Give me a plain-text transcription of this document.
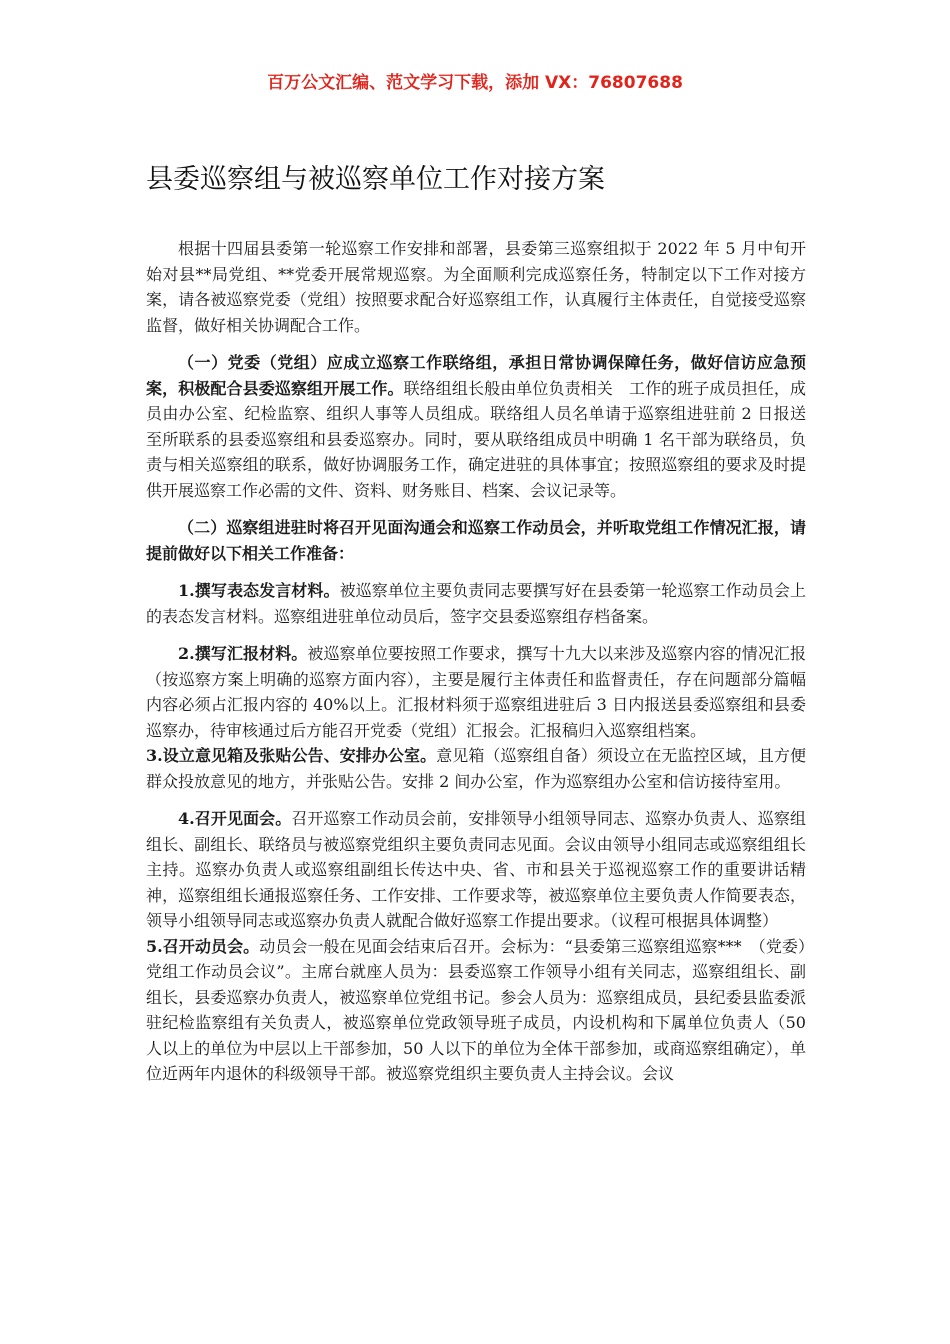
百万公文汇编、范文学习下载，添加 VX：76807688
县委巡察组与被巡察单位工作对接方案

根据十四届县委第一轮巡察工作安排和部署，县委第三巡察组拟于 2022 年 5 月中旬开始对县**局党组、**党委开展常规巡察。为全面顺利完成巡察任务，特制定以下工作对接方案，请各被巡察党委（党组）按照要求配合好巡察组工作，认真履行主体责任，自觉接受巡察监督，做好相关协调配合工作。

（一）党委（党组）应成立巡察工作联络组，承担日常协调保障任务，做好信访应急预案，积极配合县委巡察组开展工作。联络组组长般由单位负责相关　工作的班子成员担任，成员由办公室、纪检监察、组织人事等人员组成。联络组人员名单请于巡察组进驻前 2 日报送至所联系的县委巡察组和县委巡察办。同时，要从联络组成员中明确 1 名干部为联络员，负责与相关巡察组的联系，做好协调服务工作，确定进驻的具体事宜；按照巡察组的要求及时提供开展巡察工作必需的文件、资料、财务账目、档案、会议记录等。

（二）巡察组进驻时将召开见面沟通会和巡察工作动员会，并听取党组工作情况汇报，请提前做好以下相关工作准备：

1.撰写表态发言材料。被巡察单位主要负责同志要撰写好在县委第一轮巡察工作动员会上的表态发言材料。巡察组进驻单位动员后，签字交县委巡察组存档备案。

2.撰写汇报材料。被巡察单位要按照工作要求，撰写十九大以来涉及巡察内容的情况汇报（按巡察方案上明确的巡察方面内容），主要是履行主体责任和监督责任，存在问题部分篇幅内容必须占汇报内容的 40%以上。汇报材料须于巡察组进驻后 3 日内报送县委巡察组和县委巡察办，待审核通过后方能召开党委（党组）汇报会。汇报稿归入巡察组档案。

3.设立意见箱及张贴公告、安排办公室。意见箱（巡察组自备）须设立在无监控区域，且方便群众投放意见的地方，并张贴公告。安排 2 间办公室，作为巡察组办公室和信访接待室用。

4.召开见面会。召开巡察工作动员会前，安排领导小组领导同志、巡察办负责人、巡察组组长、副组长、联络员与被巡察党组织主要负责同志见面。会议由领导小组同志或巡察组组长主持。巡察办负责人或巡察组副组长传达中央、省、市和县关于巡视巡察工作的重要讲话精神，巡察组组长通报巡察任务、工作安排、工作要求等，被巡察单位主要负责人作简要表态，领导小组领导同志或巡察办负责人就配合做好巡察工作提出要求。（议程可根据具体调整）

5.召开动员会。动员会一般在见面会结束后召开。会标为：“县委第三巡察组巡察***　（党委）党组工作动员会议”。主席台就座人员为：县委巡察工作领导小组有关同志，巡察组组长、副组长，县委巡察办负责人，被巡察单位党组书记。参会人员为：巡察组成员，县纪委县监委派驻纪检监察组有关负责人，被巡察单位党政领导班子成员，内设机构和下属单位负责人（50 人以上的单位为中层以上干部参加，50 人以下的单位为全体干部参加，或商巡察组确定），单位近两年内退休的科级领导干部。被巡察党组织主要负责人主持会议。会议
